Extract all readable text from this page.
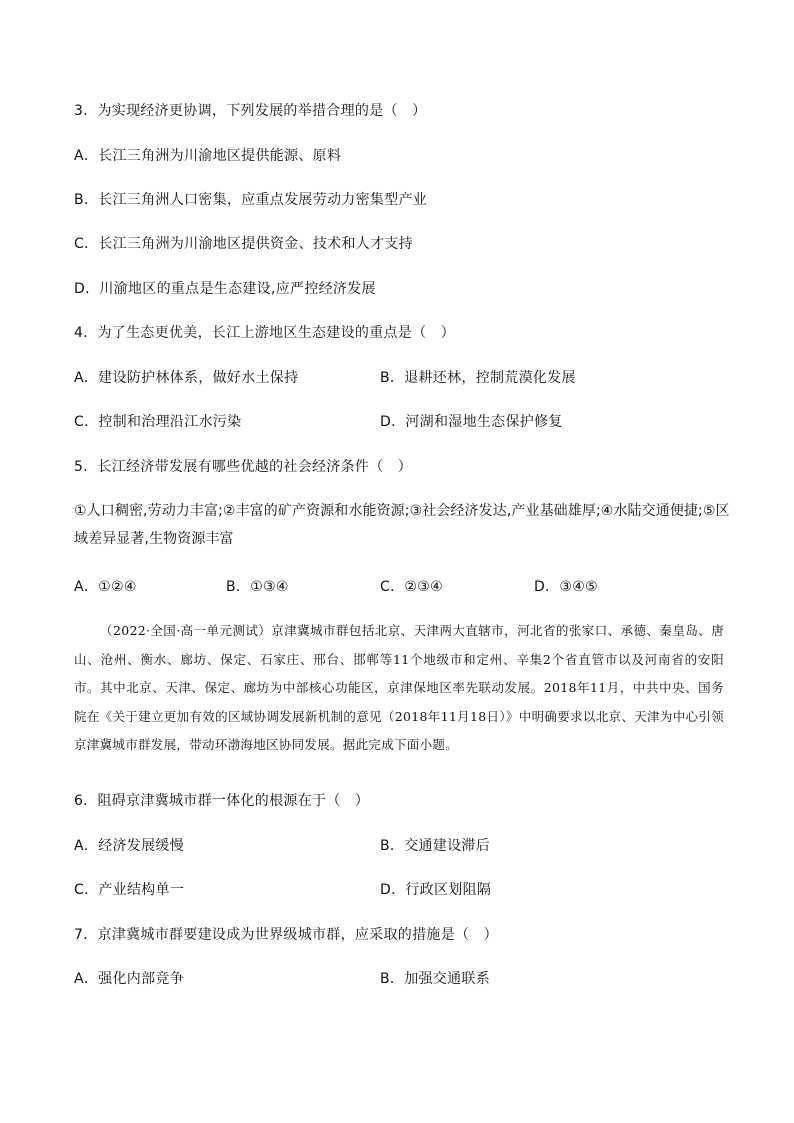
3．为实现经济更协调，下列发展的举措合理的是（　）
A．长江三角洲为川渝地区提供能源、原料
B．长江三角洲人口密集，应重点发展劳动力密集型产业
C．长江三角洲为川渝地区提供资金、技术和人才支持
D．川渝地区的重点是生态建设,应严控经济发展
4．为了生态更优美，长江上游地区生态建设的重点是（　）
A．建设防护林体系，做好水土保持	B．退耕还林，控制荒漠化发展
C．控制和治理沿江水污染	D．河湖和湿地生态保护修复
5．长江经济带发展有哪些优越的社会经济条件（　）
①人口稠密,劳动力丰富;②丰富的矿产资源和水能资源;③社会经济发达,产业基础雄厚;④水陆交通便捷;⑤区域差异显著,生物资源丰富
A．①②④	B．①③④	C．②③④	D．③④⑤

（2022·全国·高一单元测试）京津冀城市群包括北京、天津两大直辖市，河北省的张家口、承德、秦皇岛、唐山、沧州、衡水、廊坊、保定、石家庄、邢台、邯郸等11个地级市和定州、辛集2个省直管市以及河南省的安阳市。其中北京、天津、保定、廊坊为中部核心功能区，京津保地区率先联动发展。2018年11月，中共中央、国务院在《关于建立更加有效的区域协调发展新机制的意见（2018年11月18日）》中明确要求以北京、天津为中心引领京津冀城市群发展，带动环渤海地区协同发展。据此完成下面小题。

6．阻碍京津冀城市群一体化的根源在于（　）
A．经济发展缓慢	B．交通建设滞后
C．产业结构单一	D．行政区划阻隔
7．京津冀城市群要建设成为世界级城市群，应采取的措施是（　）
A．强化内部竞争	B．加强交通联系
